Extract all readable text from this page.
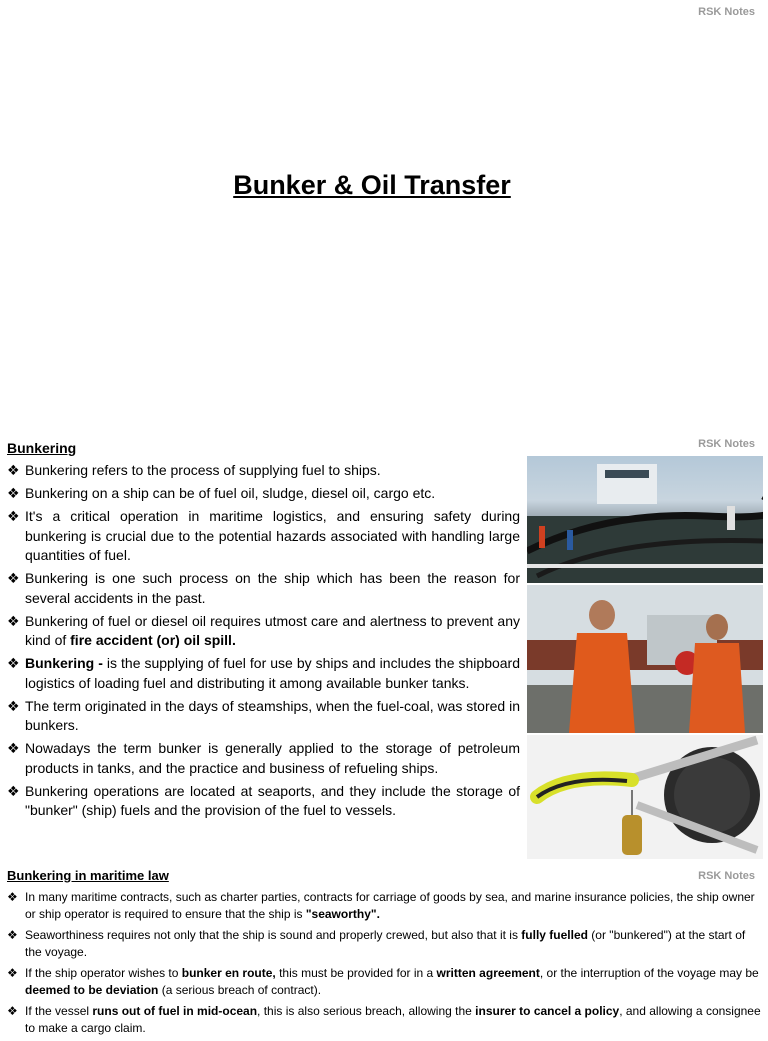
RSK Notes
Bunker & Oil Transfer
RSK Notes
Bunkering
❖ Bunkering refers to the process of supplying fuel to ships.
❖ Bunkering on a ship can be of fuel oil, sludge, diesel oil, cargo etc.
❖ It's a critical operation in maritime logistics, and ensuring safety during bunkering is crucial due to the potential hazards associated with handling large quantities of fuel.
❖ Bunkering is one such process on the ship which has been the reason for several accidents in the past.
❖ Bunkering of fuel or diesel oil requires utmost care and alertness to prevent any kind of fire accident (or) oil spill.
❖ Bunkering - is the supplying of fuel for use by ships and includes the shipboard logistics of loading fuel and distributing it among available bunker tanks.
❖ The term originated in the days of steamships, when the fuel-coal, was stored in bunkers.
❖ Nowadays the term bunker is generally applied to the storage of petroleum products in tanks, and the practice and business of refueling ships.
❖ Bunkering operations are located at seaports, and they include the storage of "bunker" (ship) fuels and the provision of the fuel to vessels.
RSK Notes
Bunkering in maritime law
❖ In many maritime contracts, such as charter parties, contracts for carriage of goods by sea, and marine insurance policies, the ship owner or ship operator is required to ensure that the ship is "seaworthy".
❖ Seaworthiness requires not only that the ship is sound and properly crewed, but also that it is fully fuelled (or "bunkered") at the start of the voyage.
❖ If the ship operator wishes to bunker en route, this must be provided for in a written agreement, or the interruption of the voyage may be deemed to be deviation (a serious breach of contract).
❖ If the vessel runs out of fuel in mid-ocean, this is also serious breach, allowing the insurer to cancel a policy, and allowing a consignee to make a cargo claim.
